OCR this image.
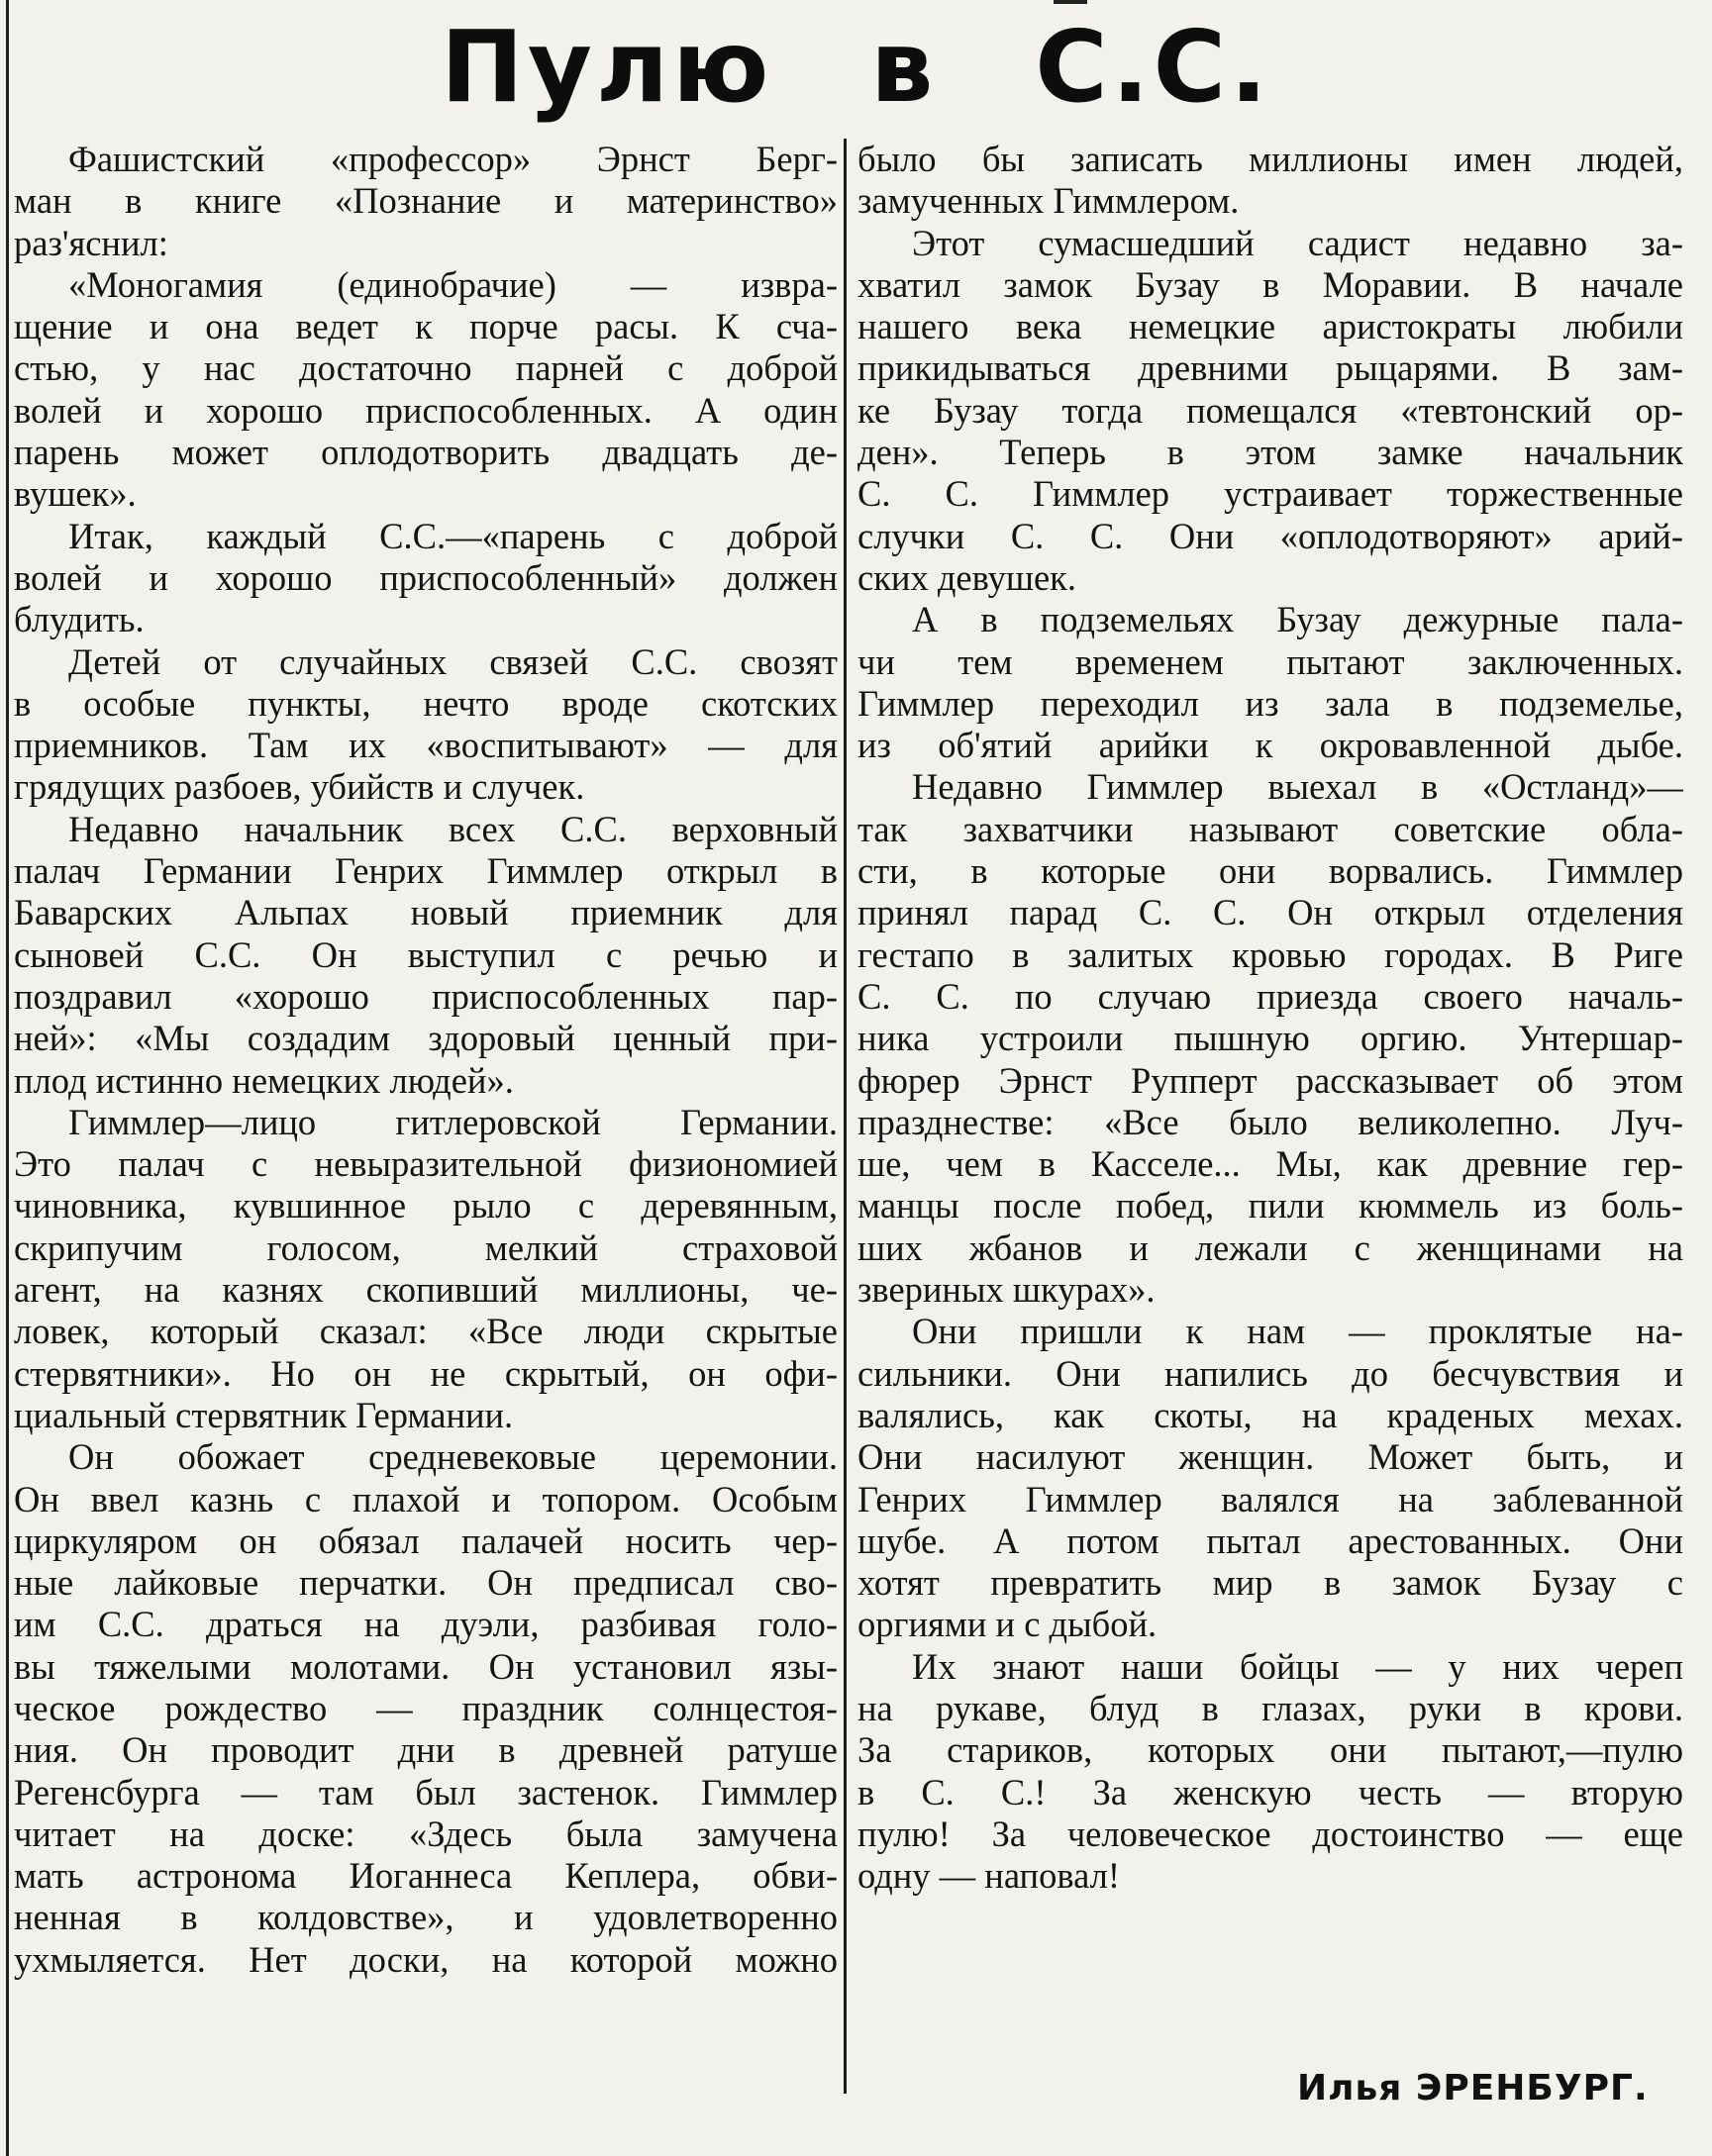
Пулю в С.С.
Фашистский «профессор» Эрнст Берг-
ман в книге «Познание и материнство»
раз'яснил:
«Моногамия (единобрачие) — извра-
щение и она ведет к порче расы. К сча-
стью, у нас достаточно парней с доброй
волей и хорошо приспособленных. А один
парень может оплодотворить двадцать де-
вушек».
Итак, каждый С.С.—«парень с доброй
волей и хорошо приспособленный» должен
блудить.
Детей от случайных связей С.С. свозят
в особые пункты, нечто вроде скотских
приемников. Там их «воспитывают» — для
грядущих разбоев, убийств и случек.
Недавно начальник всех С.С. верховный
палач Германии Генрих Гиммлер открыл в
Баварских Альпах новый приемник для
сыновей С.С. Он выступил с речью и
поздравил «хорошо приспособленных пар-
ней»: «Мы создадим здоровый ценный при-
плод истинно немецких людей».
Гиммлер—лицо гитлеровской Германии.
Это палач с невыразительной физиономией
чиновника, кувшинное рыло с деревянным,
скрипучим голосом, мелкий страховой
агент, на казнях скопивший миллионы, че-
ловек, который сказал: «Все люди скрытые
стервятники». Но он не скрытый, он офи-
циальный стервятник Германии.
Он обожает средневековые церемонии.
Он ввел казнь с плахой и топором. Особым
циркуляром он обязал палачей носить чер-
ные лайковые перчатки. Он предписал сво-
им С.С. драться на дуэли, разбивая голо-
вы тяжелыми молотами. Он установил язы-
ческое рождество — праздник солнцестоя-
ния. Он проводит дни в древней ратуше
Регенсбурга — там был застенок. Гиммлер
читает на доске: «Здесь была замучена
мать астронома Иоганнеса Кеплера, обви-
ненная в колдовстве», и удовлетворенно
ухмыляется. Нет доски, на которой можно
было бы записать миллионы имен людей,
замученных Гиммлером.
Этот сумасшедший садист недавно за-
хватил замок Бузау в Моравии. В начале
нашего века немецкие аристократы любили
прикидываться древними рыцарями. В зам-
ке Бузау тогда помещался «тевтонский ор-
ден». Теперь в этом замке начальник
С. С. Гиммлер устраивает торжественные
случки С. С. Они «оплодотворяют» арий-
ских девушек.
А в подземельях Бузау дежурные пала-
чи тем временем пытают заключенных.
Гиммлер переходил из зала в подземелье,
из об'ятий арийки к окровавленной дыбе.
Недавно Гиммлер выехал в «Остланд»—
так захватчики называют советские обла-
сти, в которые они ворвались. Гиммлер
принял парад С. С. Он открыл отделения
гестапо в залитых кровью городах. В Риге
С. С. по случаю приезда своего началь-
ника устроили пышную оргию. Унтершар-
фюрер Эрнст Рупперт рассказывает об этом
празднестве: «Все было великолепно. Луч-
ше, чем в Касселе... Мы, как древние гер-
манцы после побед, пили кюммель из боль-
ших жбанов и лежали с женщинами на
звериных шкурах».
Они пришли к нам — проклятые на-
сильники. Они напились до бесчувствия и
валялись, как скоты, на краденых мехах.
Они насилуют женщин. Может быть, и
Генрих Гиммлер валялся на заблеванной
шубе. А потом пытал арестованных. Они
хотят превратить мир в замок Бузау с
оргиями и с дыбой.
Их знают наши бойцы — у них череп
на рукаве, блуд в глазах, руки в крови.
За стариков, которых они пытают,—пулю
в С. С.! За женскую честь — вторую
пулю! За человеческое достоинство — еще
одну — наповал!
Илья ЭРЕНБУРГ.
